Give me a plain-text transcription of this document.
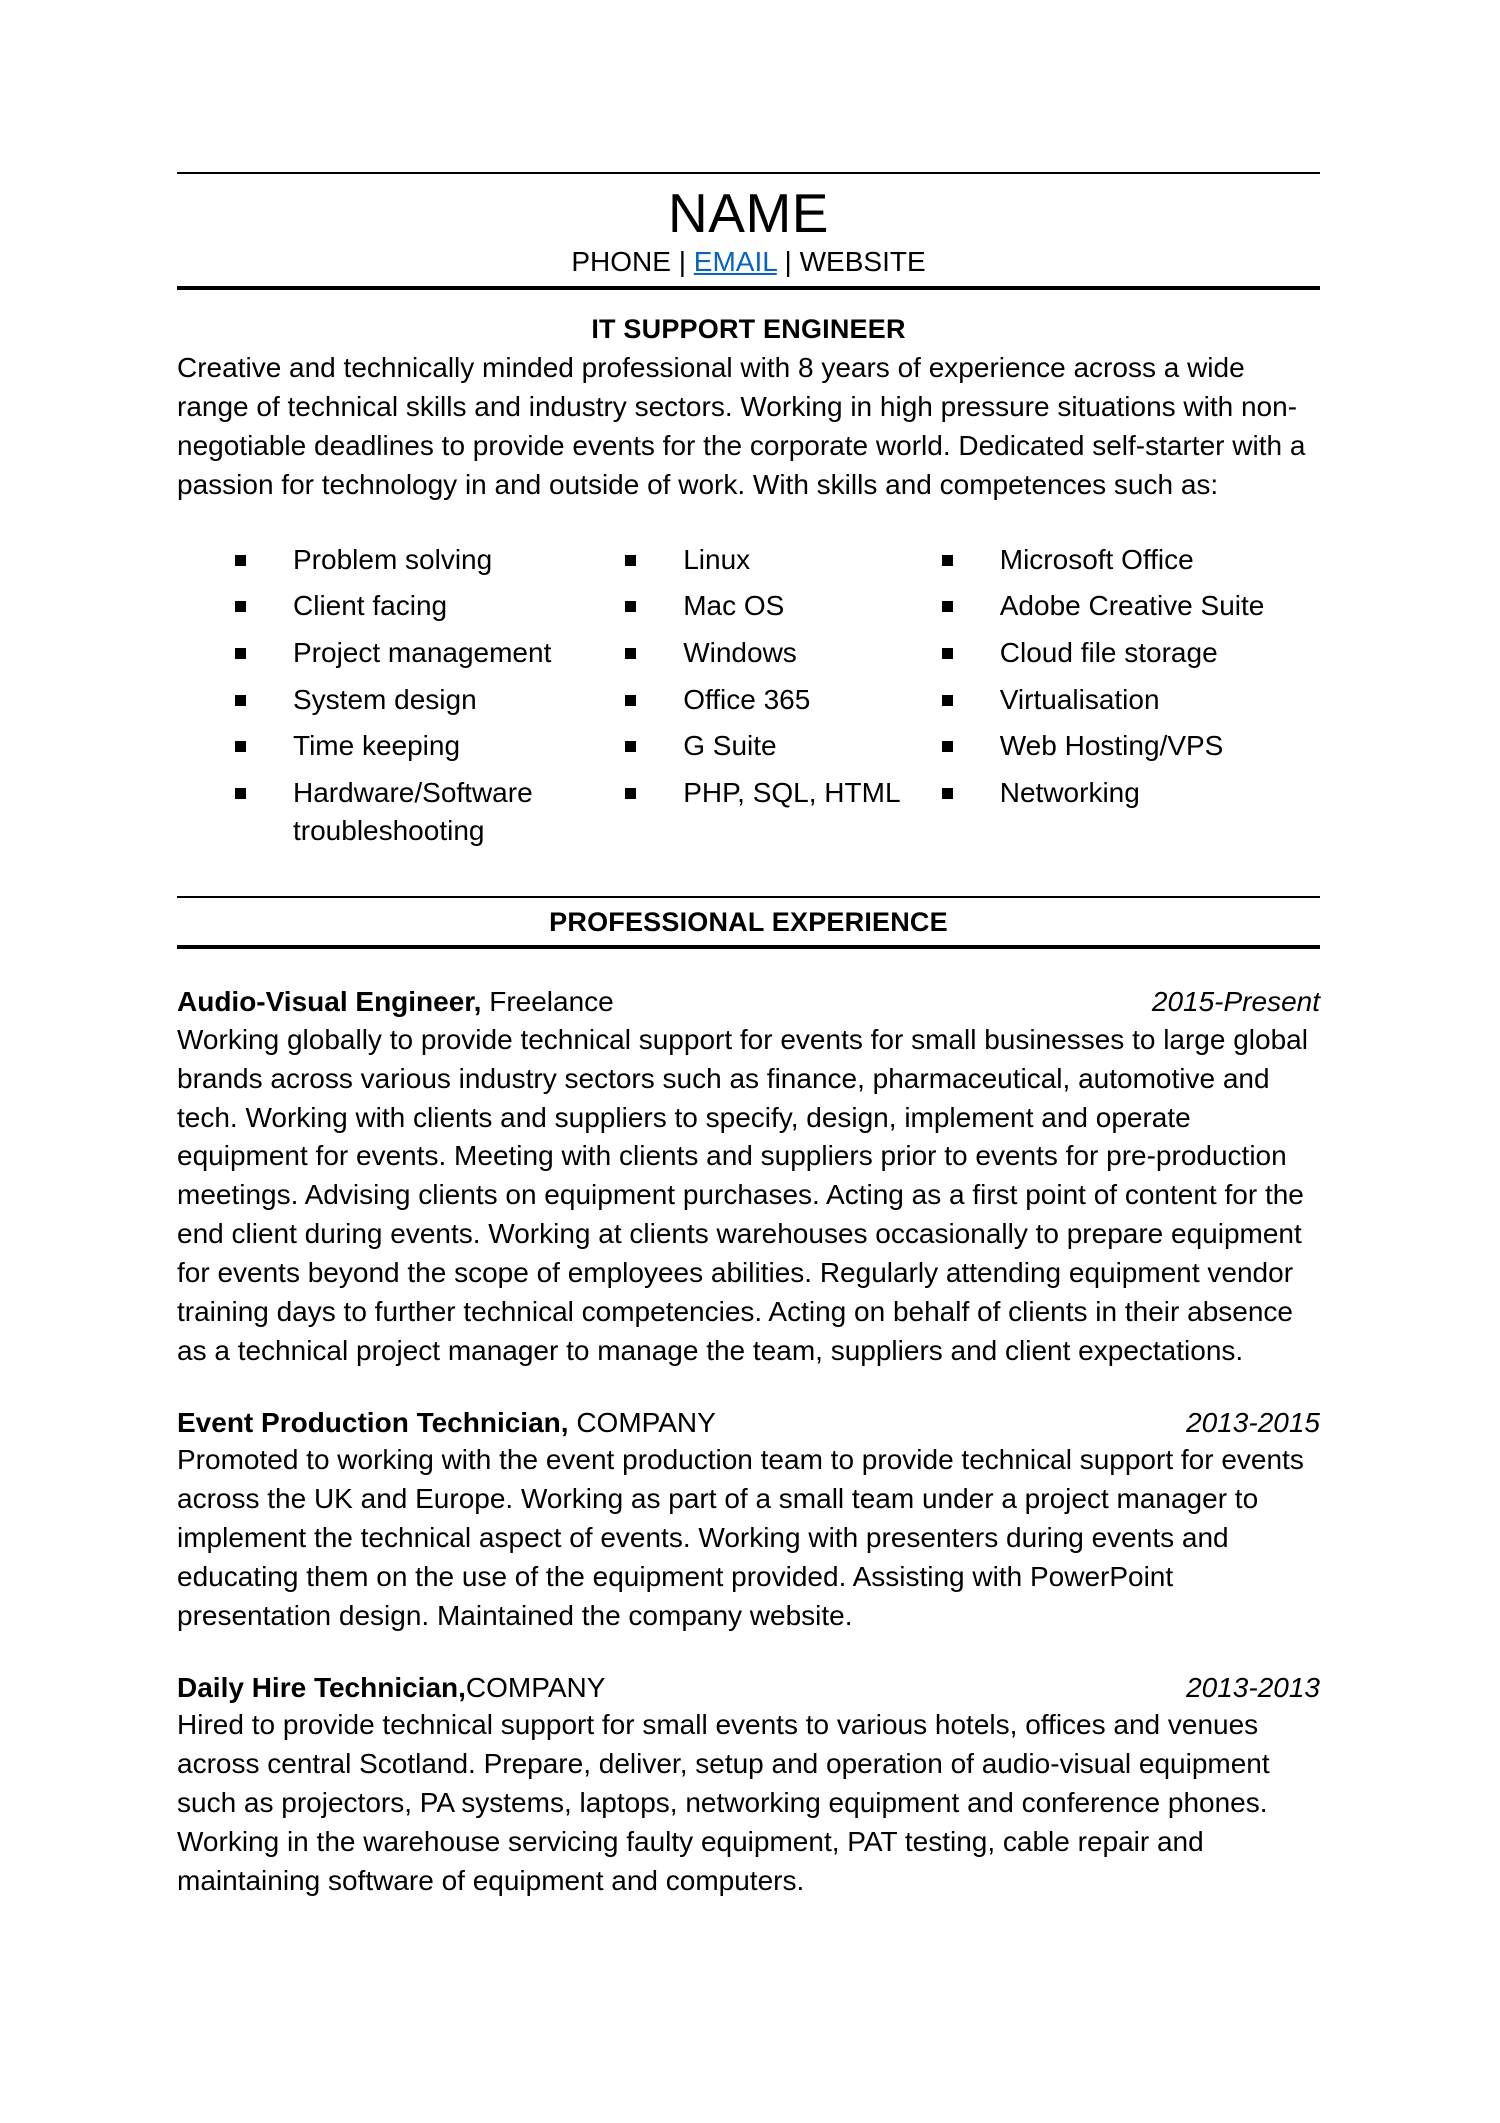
NAME
PHONE | EMAIL | WEBSITE
IT SUPPORT ENGINEER

Creative and technically minded professional with 8 years of experience across a wide range of technical skills and industry sectors. Working in high pressure situations with non-negotiable deadlines to provide events for the corporate world. Dedicated self-starter with a passion for technology in and outside of work. With skills and competences such as:

Problem solving
Client facing
Project management
System design
Time keeping
Hardware/Software troubleshooting
Linux
Mac OS
Windows
Office 365
G Suite
PHP, SQL, HTML
Microsoft Office
Adobe Creative Suite
Cloud file storage
Virtualisation
Web Hosting/VPS
Networking
PROFESSIONAL EXPERIENCE
Audio-Visual Engineer, Freelance	2015-Present

Working globally to provide technical support for events for small businesses to large global brands across various industry sectors such as finance, pharmaceutical, automotive and tech. Working with clients and suppliers to specify, design, implement and operate equipment for events. Meeting with clients and suppliers prior to events for pre-production meetings. Advising clients on equipment purchases. Acting as a first point of content for the end client during events. Working at clients warehouses occasionally to prepare equipment for events beyond the scope of employees abilities. Regularly attending equipment vendor training days to further technical competencies. Acting on behalf of clients in their absence as a technical project manager to manage the team, suppliers and client expectations.

Event Production Technician, COMPANY	2013-2015

Promoted to working with the event production team to provide technical support for events across the UK and Europe. Working as part of a small team under a project manager to implement the technical aspect of events. Working with presenters during events and educating them on the use of the equipment provided. Assisting with PowerPoint presentation design. Maintained the company website.

Daily Hire Technician,COMPANY	2013-2013

Hired to provide technical support for small events to various hotels, offices and venues across central Scotland. Prepare, deliver, setup and operation of audio-visual equipment such as projectors, PA systems, laptops, networking equipment and conference phones. Working in the warehouse servicing faulty equipment, PAT testing, cable repair and maintaining software of equipment and computers.
